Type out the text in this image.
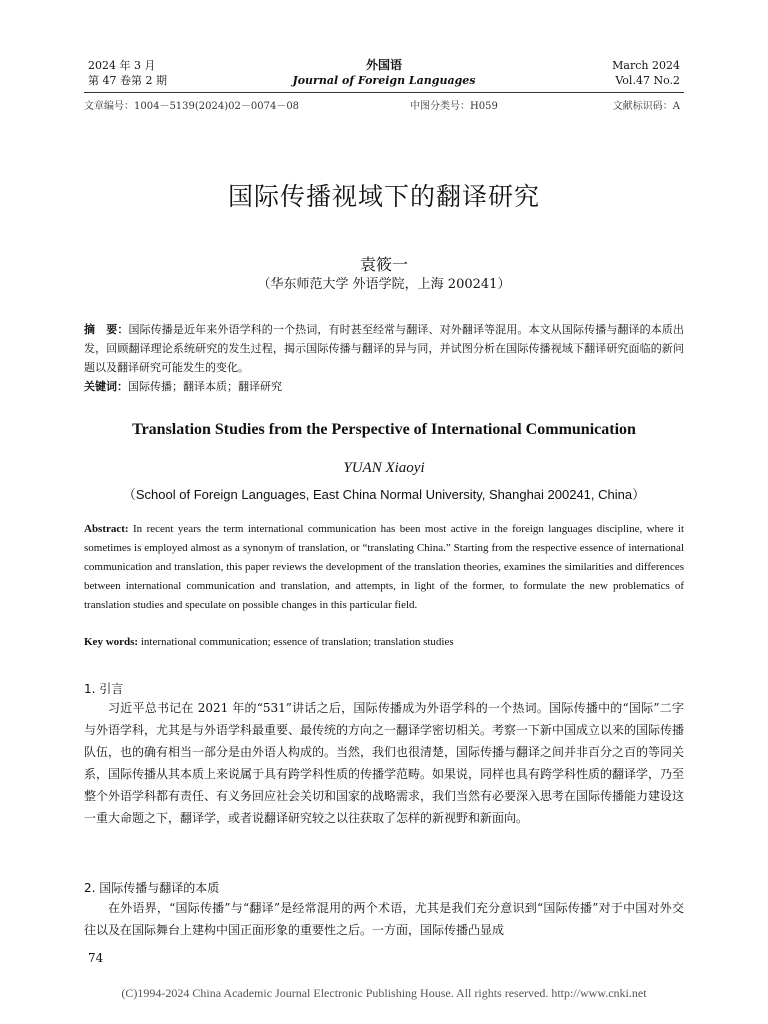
2024 年 3 月
第 47 卷第 2 期
外国语
Journal of Foreign Languages
March 2024
Vol.47 No.2
文章编号：1004－5139(2024)02－0074－08	中图分类号：H059	文献标识码：A
国际传播视域下的翻译研究
袁筱一
（华东师范大学 外语学院，上海 200241）
摘　要：国际传播是近年来外语学科的一个热词，有时甚至经常与翻译、对外翻译等混用。本文从国际传播与翻译的本质出发，回顾翻译理论系统研究的发生过程，揭示国际传播与翻译的异与同，并试图分析在国际传播视域下翻译研究面临的新问题以及翻译研究可能发生的变化。
关键词：国际传播；翻译本质；翻译研究
Translation Studies from the Perspective of International Communication
YUAN Xiaoyi
（School of Foreign Languages, East China Normal University, Shanghai 200241, China）
Abstract: In recent years the term international communication has been most active in the foreign languages discipline, where it sometimes is employed almost as a synonym of translation, or “translating China.” Starting from the respective essence of international communication and translation, this paper reviews the development of the translation theories, examines the similarities and differences between international communication and translation, and attempts, in light of the former, to formulate the new problematics of translation studies and speculate on possible changes in this particular field.
Key words: international communication; essence of translation; translation studies
1. 引言
习近平总书记在 2021 年的“531”讲话之后，国际传播成为外语学科的一个热词。国际传播中的“国际”二字与外语学科，尤其是与外语学科最重要、最传统的方向之一翻译学密切相关。考察一下新中国成立以来的国际传播队伍，也的确有相当一部分是由外语人构成的。当然，我们也很清楚，国际传播与翻译之间并非百分之百的等同关系，国际传播从其本质上来说属于具有跨学科性质的传播学范畴。如果说，同样也具有跨学科性质的翻译学，乃至整个外语学科都有责任、有义务回应社会关切和国家的战略需求，我们当然有必要深入思考在国际传播能力建设这一重大命题之下，翻译学，或者说翻译研究较之以往获取了怎样的新视野和新面向。
2. 国际传播与翻译的本质
在外语界，“国际传播”与“翻译”是经常混用的两个术语，尤其是我们充分意识到“国际传播”对于中国对外交往以及在国际舞台上建构中国正面形象的重要性之后。一方面，国际传播凸显成
74
(C)1994-2024 China Academic Journal Electronic Publishing House. All rights reserved. http://www.cnki.net
